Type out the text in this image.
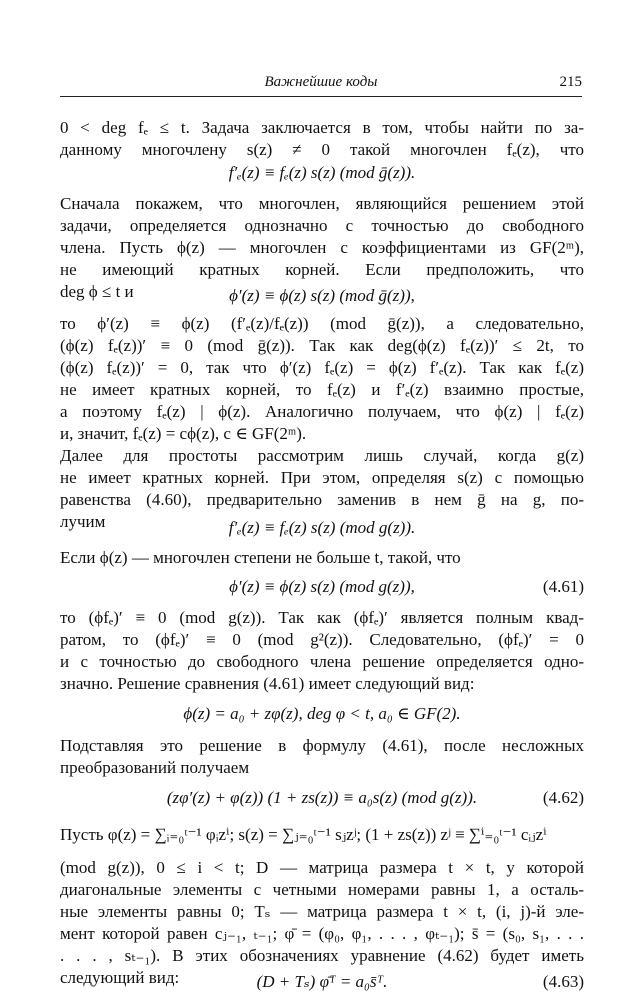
Важнейшие коды	215
0 < deg fₑ ≤ t. Задача заключается в том, чтобы найти по за-
данному многочлену s(z) ≠ 0 такой многочлен fₑ(z), что
f′ₑ(z) ≡ fₑ(z) s(z) (mod ḡ(z)).
Сначала покажем, что многочлен, являющийся решением этой
задачи, определяется однозначно с точностью до свободного
члена. Пусть ϕ(z) — многочлен с коэффициентами из GF(2ᵐ),
не имеющий кратных корней. Если предположить, что
deg ϕ ≤ t и	ϕ′(z) ≡ ϕ(z) s(z) (mod ḡ(z)),
то ϕ′(z) ≡ ϕ(z) (f′ₑ(z)/fₑ(z)) (mod ḡ(z)), а следовательно,
(ϕ(z) fₑ(z))′ ≡ 0 (mod ḡ(z)). Так как deg(ϕ(z) fₑ(z))′ ≤ 2t, то
(ϕ(z) fₑ(z))′ = 0, так что ϕ′(z) fₑ(z) = ϕ(z) f′ₑ(z). Так как fₑ(z)
не имеет кратных корней, то fₑ(z) и f′ₑ(z) взаимно простые,
а поэтому fₑ(z) | ϕ(z). Аналогично получаем, что ϕ(z) | fₑ(z)
и, значит, fₑ(z) = cϕ(z), c ∈ GF(2ᵐ).
Далее для простоты рассмотрим лишь случай, когда g(z)
не имеет кратных корней. При этом, определяя s(z) с помощью
равенства (4.60), предварительно заменив в нем ḡ на g, по-
лучим	f′ₑ(z) ≡ fₑ(z) s(z) (mod g(z)).
Если ϕ(z) — многочлен степени не больше t, такой, что
ϕ′(z) ≡ ϕ(z) s(z) (mod g(z)),	(4.61)
то (ϕfₑ)′ ≡ 0 (mod g(z)). Так как (ϕfₑ)′ является полным квад-
ратом, то (ϕfₑ)′ ≡ 0 (mod g²(z)). Следовательно, (ϕfₑ)′ = 0
и с точностью до свободного члена решение определяется одно-
значно. Решение сравнения (4.61) имеет следующий вид:
ϕ(z) = a₀ + zφ(z), deg φ < t, a₀ ∈ GF(2).
Подставляя это решение в формулу (4.61), после несложных
преобразований получаем
(zφ′(z) + φ(z)) (1 + zs(z)) ≡ a₀s(z) (mod g(z)).	(4.62)
Пусть φ(z) = ∑ᵢ₌₀ᵗ⁻¹ φᵢzⁱ; s(z) = ∑ⱼ₌₀ᵗ⁻¹ sⱼzʲ; (1 + zs(z)) zʲ ≡ ∑ⁱ₌₀ᵗ⁻¹ cᵢⱼzⁱ
(mod g(z)), 0 ≤ i < t; D — матрица размера t × t, у которой
диагональные элементы с четными номерами равны 1, а осталь-
ные элементы равны 0; Tₛ — матрица размера t × t, (i, j)-й эле-
мент которой равен cⱼ₋₁, ₜ₋₁; φ̄ = (φ₀, φ₁, . . . , φₜ₋₁); s̄ = (s₀, s₁, . . .
. . . , sₜ₋₁). В этих обозначениях уравнение (4.62) будет иметь
следующий вид:	(D + Tₛ) φ̄ᵀ = a₀s̄ᵀ.	(4.63)
